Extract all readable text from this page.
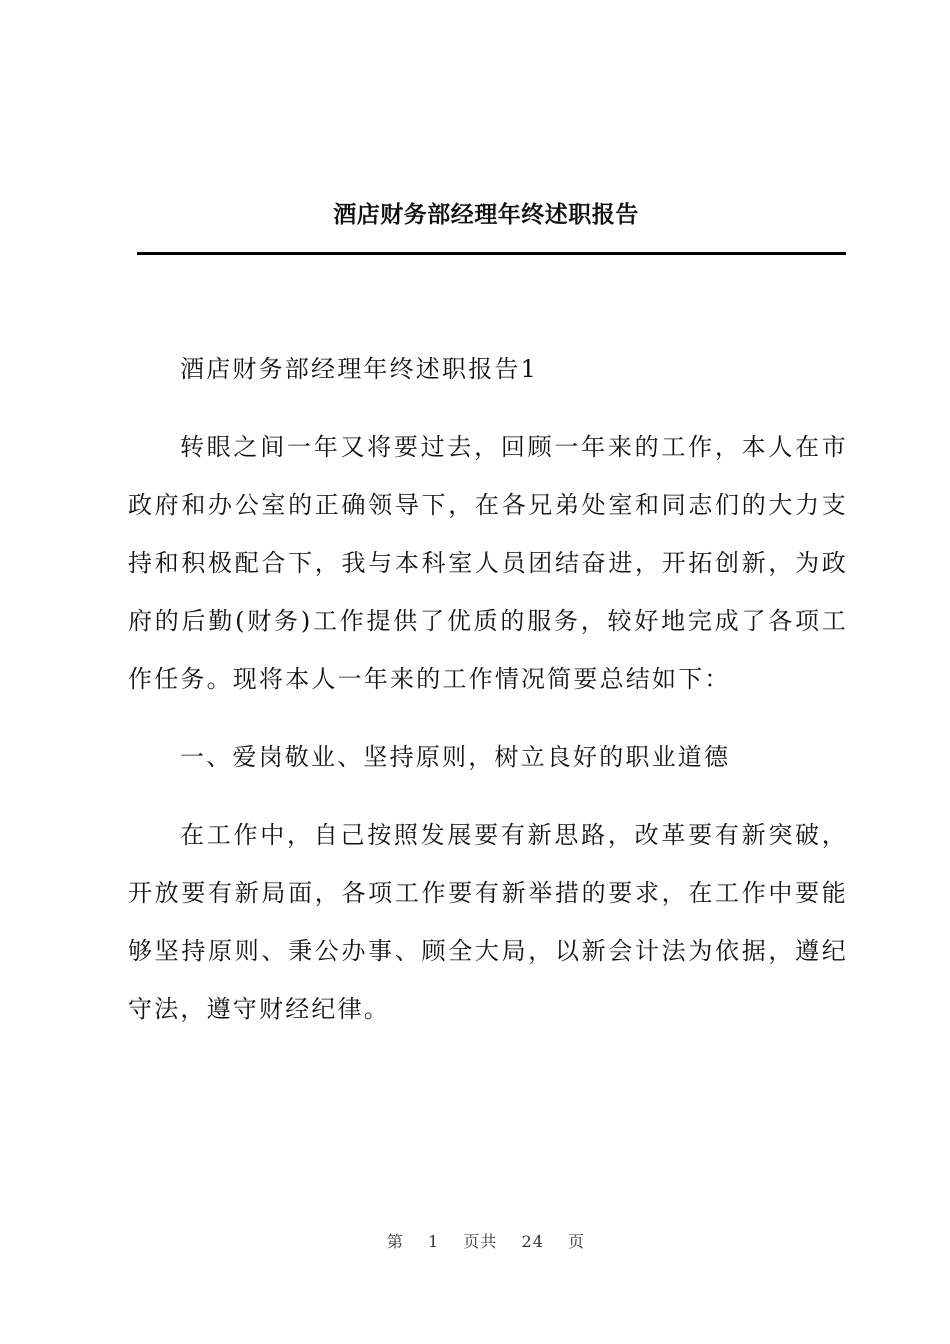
酒店财务部经理年终述职报告

酒店财务部经理年终述职报告1

转眼之间一年又将要过去，回顾一年来的工作，本人在市政府和办公室的正确领导下，在各兄弟处室和同志们的大力支持和积极配合下，我与本科室人员团结奋进，开拓创新，为政府的后勤(财务)工作提供了优质的服务，较好地完成了各项工作任务。现将本人一年来的工作情况简要总结如下：

一、爱岗敬业、坚持原则，树立良好的职业道德

在工作中，自己按照发展要有新思路，改革要有新突破，开放要有新局面，各项工作要有新举措的要求，在工作中要能够坚持原则、秉公办事、顾全大局，以新会计法为依据，遵纪守法，遵守财经纪律。

第 1 页共 24 页
